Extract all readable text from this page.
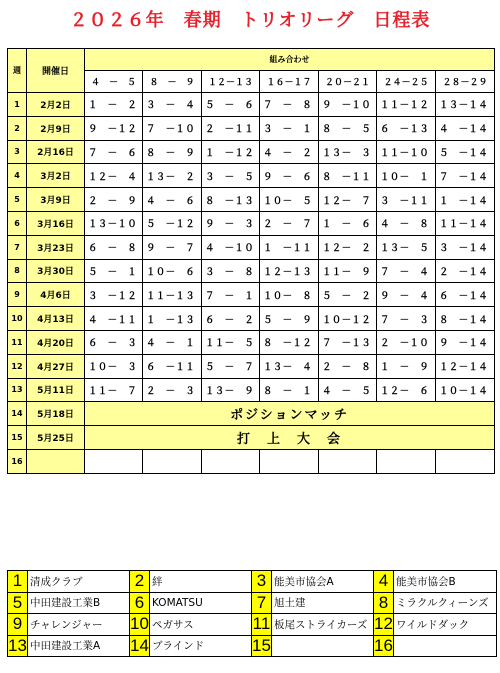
２０２６年　春期　トリオリーグ　日程表
週	開催日	組み合わせ						
		４　－　５	８　－　９	１２－１３	１６－１７	２０－２１	２４－２５	２８－２９
1	2月2日	１　－　２	３　－　４	５　－　６	７　－　８	９　－１０	１１－１２	１３－１４
2	2月9日	９　－１２	７　－１０	２　－１１	３　－　１	８　－　５	６　－１３	４　－１４
3	2月16日	７　－　６	８　－　９	１　－１２	４　－　２	１３－　３	１１－１０	５　－１４
4	3月2日	１２－　４	１３－　２	３　－　５	９　－　６	８　－１１	１０－　１	７　－１４
5	3月9日	２　－　９	４　－　６	８　－１３	１０－　５	１２－　７	３　－１１	１　－１４
6	3月16日	１３－１０	５　－１２	９　－　３	２　－　７	１　－　６	４　－　８	１１－１４
7	3月23日	６　－　８	９　－　７	４　－１０	１　－１１	１２－　２	１３－　５	３　－１４
8	3月30日	５　－　１	１０－　６	３　－　８	１２－１３	１１－　９	７　－　４	２　－１４
9	4月6日	３　－１２	１１－１３	７　－　１	１０－　８	５　－　２	９　－　４	６　－１４
10	4月13日	４　－１１	１　－１３	６　－　２	５　－　９	１０－１２	７　－　３	８　－１４
11	4月20日	６　－　３	４　－　１	１１－　５	８　－１２	７　－１３	２　－１０	９　－１４
12	4月27日	１０－　３	６　－１１	５　－　７	１３－　４	２　－　８	１　－　９	１２－１４
13	5月11日	１１－　７	２　－　３	１３－　９	８　－　１	４　－　５	１２－　６	１０－１４
14	5月18日	ポジションマッチ						
15	5月25日	打　上　大　会						
16								
1	清成クラブ	2	絆	3	能美市協会A	4	能美市協会B
5	中田建設工業B	6	KOMATSU	7	旭土建	8	ミラクルクィーンズ
9	チャレンジャー	10	ペガサス	11	板尾ストライカーズ	12	ワイルドダック
13	中田建設工業A	14	ブラインド	15		16	
